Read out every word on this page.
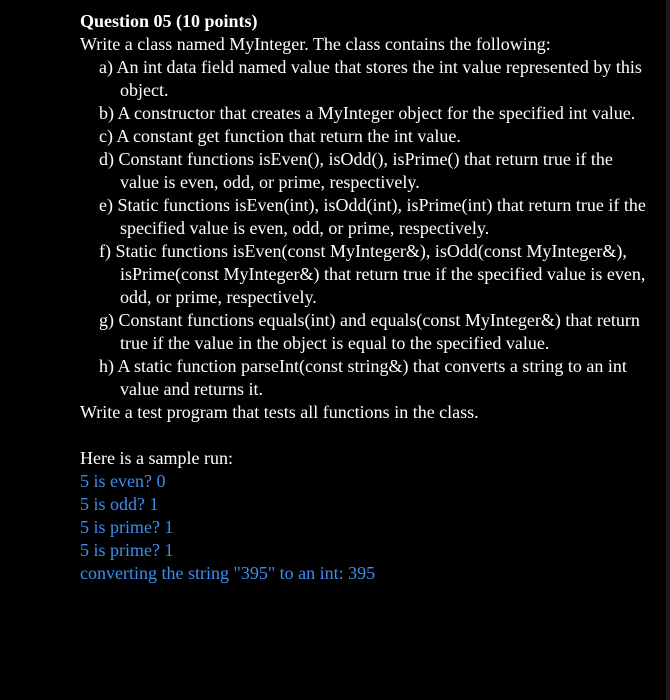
Question 05 (10 points)

Write a class named MyInteger. The class contains the following:

a) An int data field named value that stores the int value represented by this object.
b) A constructor that creates a MyInteger object for the specified int value.
c) A constant get function that return the int value.
d) Constant functions isEven(), isOdd(), isPrime() that return true if the value is even, odd, or prime, respectively.
e) Static functions isEven(int), isOdd(int), isPrime(int) that return true if the specified value is even, odd, or prime, respectively.
f) Static functions isEven(const MyInteger&), isOdd(const MyInteger&), isPrime(const MyInteger&) that return true if the specified value is even, odd, or prime, respectively.
g) Constant functions equals(int) and equals(const MyInteger&) that return true if the value in the object is equal to the specified value.
h) A static function parseInt(const string&) that converts a string to an int value and returns it.

Write a test program that tests all functions in the class.

Here is a sample run:

5 is even? 0

5 is odd? 1

5 is prime? 1

5 is prime? 1

converting the string "395" to an int: 395
